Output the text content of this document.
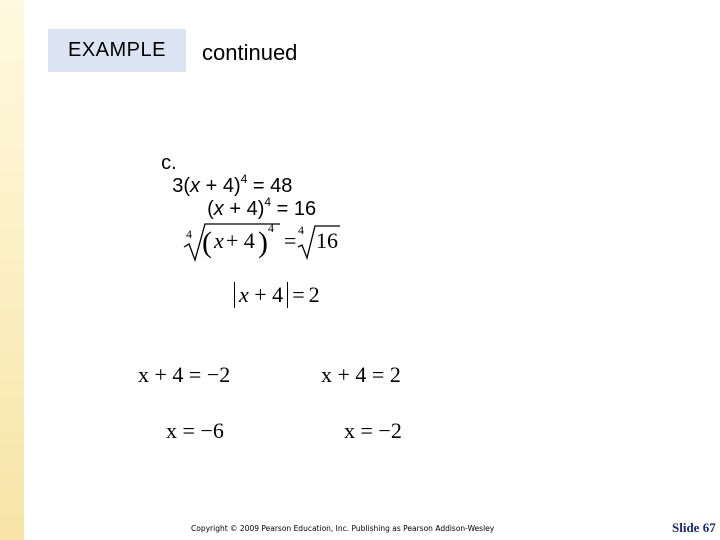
EXAMPLE	continued

c.
$3(x + 4)^4 = 48$

$(x + 4)^4 = 16$

4 ( x + 4 ) 4 = 4 16
x + 4 = 2
x + 4 = −2	x + 4 = 2
x = −6	x = −2
Copyright © 2009 Pearson Education, Inc. Publishing as Pearson Addison-Wesley	Slide 67
